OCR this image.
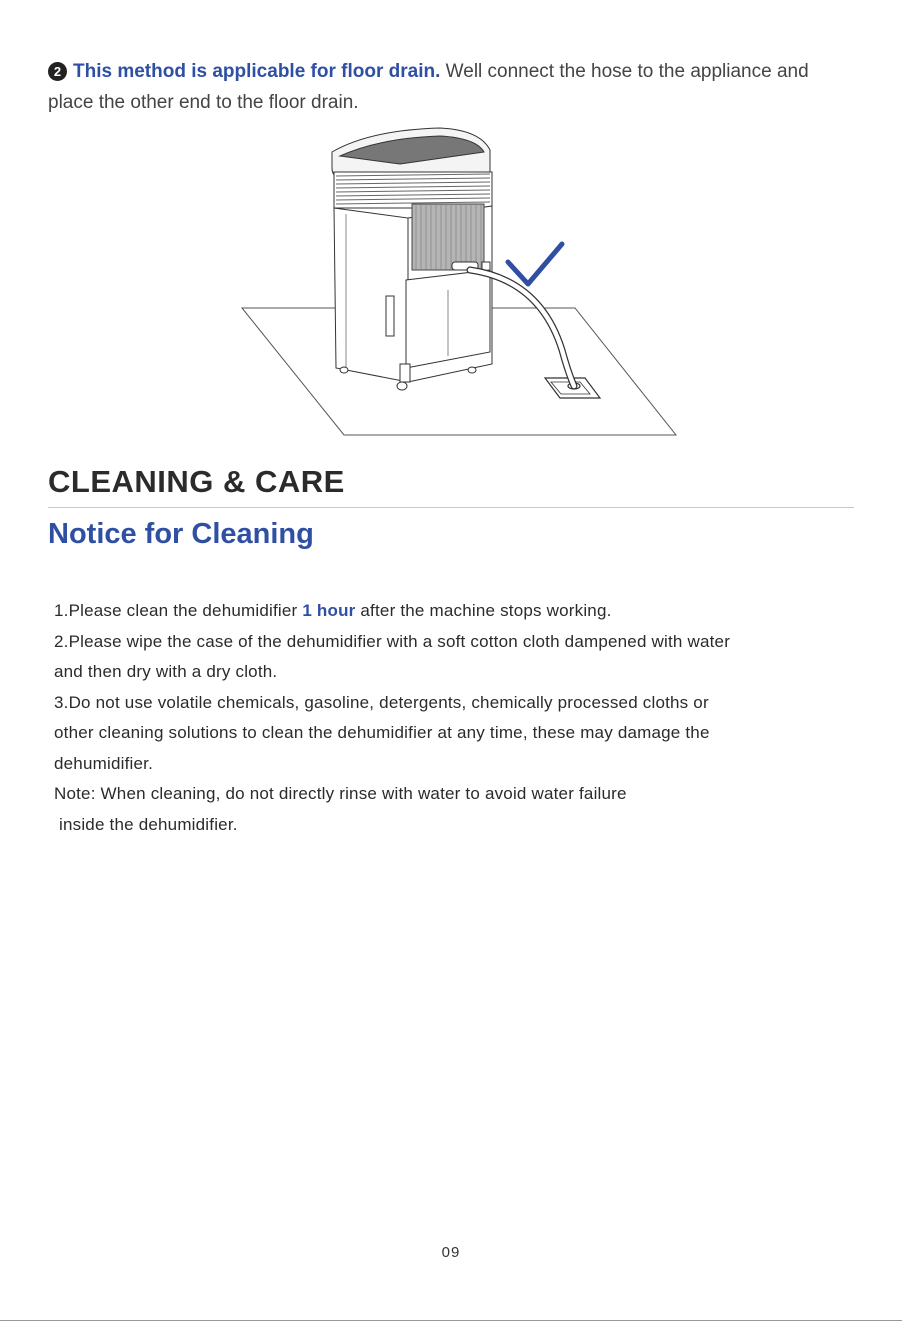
2 This method is applicable for floor drain. Well connect the hose to the appliance and
place the other end to the floor drain.
CLEANING & CARE
Notice for Cleaning

1.Please clean the dehumidifier 1 hour after the machine stops working.

2.Please wipe the case of the dehumidifier with a soft cotton cloth dampened with water

and then dry with a dry cloth.

3.Do not use volatile chemicals, gasoline, detergents, chemically processed cloths or

other cleaning solutions to clean the dehumidifier at any time, these may damage the

dehumidifier.

Note: When cleaning, do not directly rinse with water to avoid water failure

inside the dehumidifier.

09
